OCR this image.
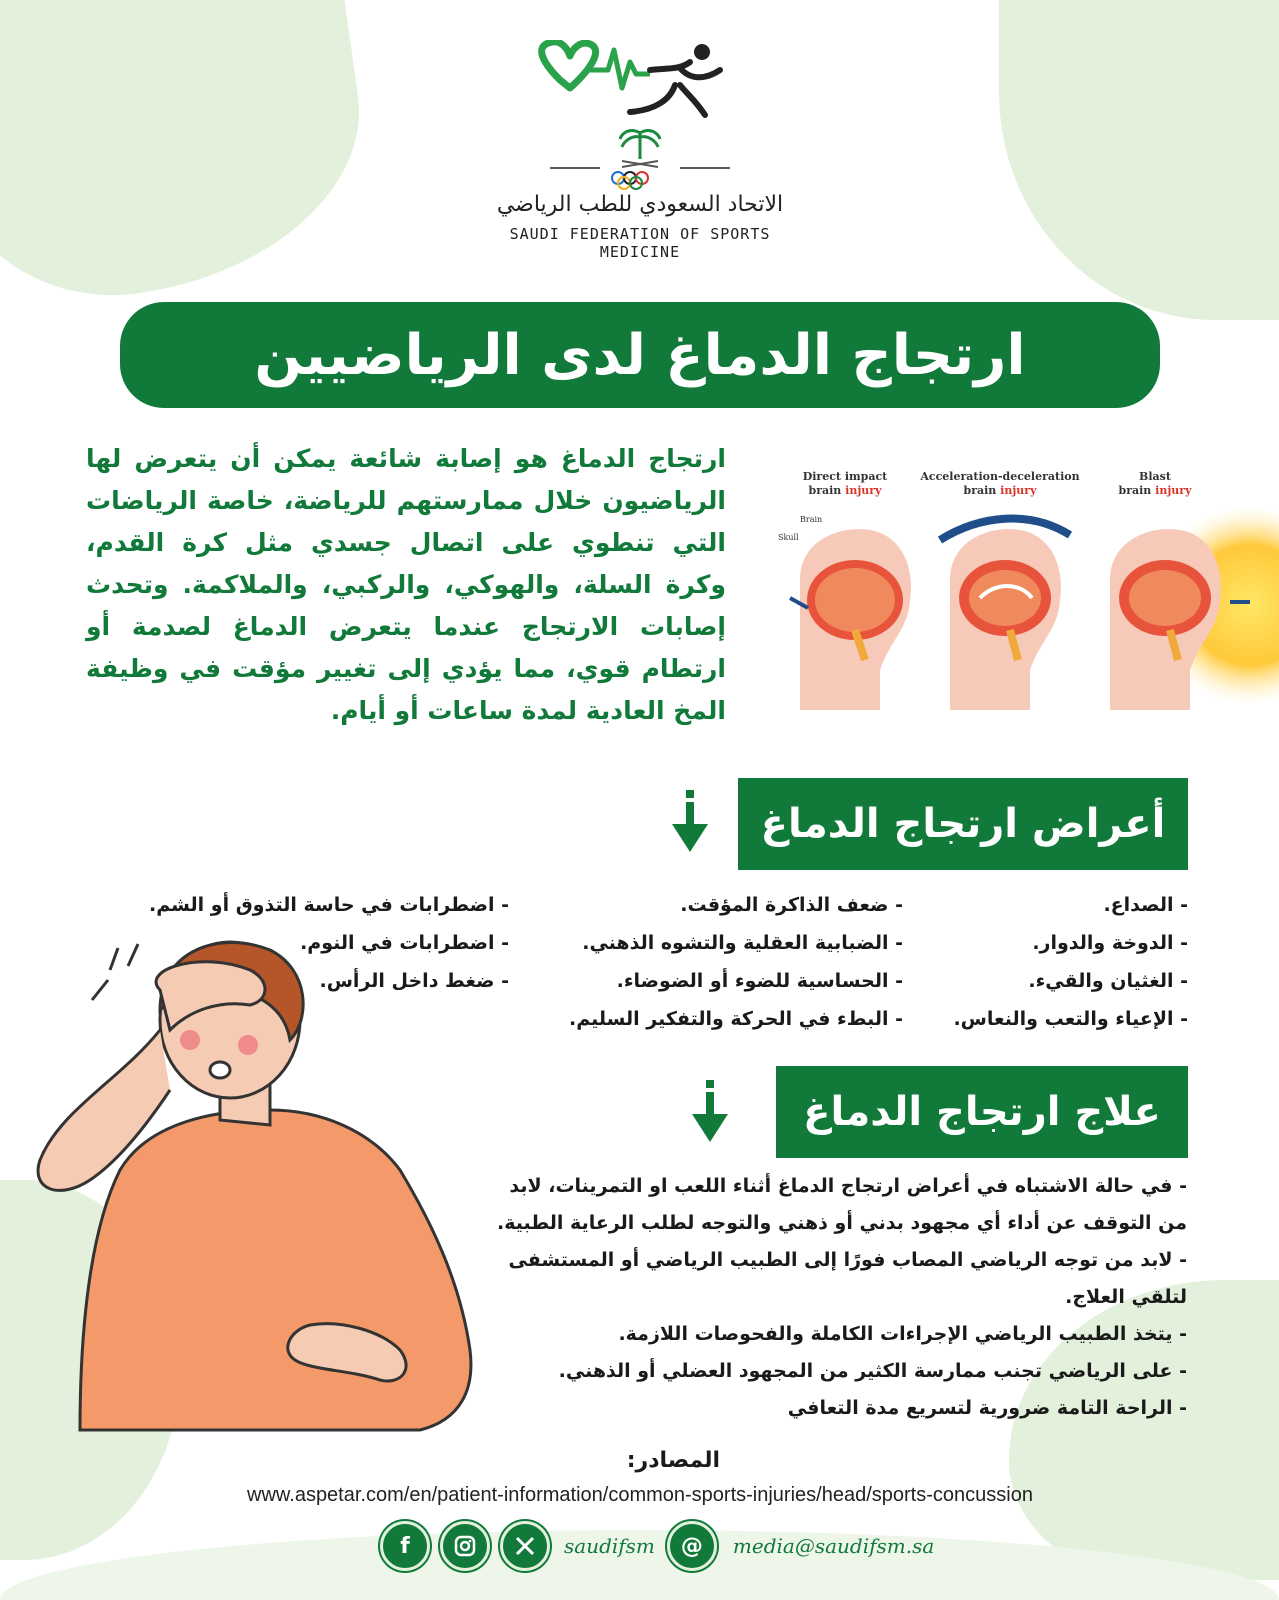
الاتحاد السعودي للطب الرياضي
SAUDI FEDERATION OF SPORTS MEDICINE
ارتجاج الدماغ لدى الرياضيين
ارتجاج الدماغ هو إصابة شائعة يمكن أن يتعرض لها الرياضيون خلال ممارستهم للرياضة، خاصة الرياضات التي تنطوي على اتصال جسدي مثل كرة القدم، وكرة السلة، والهوكي، والركبي، والملاكمة. وتحدث إصابات الارتجاج عندما يتعرض الدماغ لصدمة أو ارتطام قوي، مما يؤدي إلى تغيير مؤقت في وظيفة المخ العادية لمدة ساعات أو أيام.
Direct impact
brain injury
Acceleration-deceleration
brain injury
Blast
brain injury
Brain
Skull
أعراض ارتجاج الدماغ
- الصداع.
- الدوخة والدوار.
- الغثيان والقيء.
- الإعياء والتعب والنعاس.
- ضعف الذاكرة المؤقت.
- الضبابية العقلية والتشوه الذهني.
- الحساسية للضوء أو الضوضاء.
- البطء في الحركة والتفكير السليم.
- اضطرابات في حاسة التذوق أو الشم.
- اضطرابات في النوم.
- ضغط داخل الرأس.
علاج ارتجاج الدماغ
- في حالة الاشتباه في أعراض ارتجاج الدماغ أثناء اللعب او التمرينات، لابد من التوقف عن أداء أي مجهود بدني أو ذهني والتوجه لطلب الرعاية الطبية.
- لابد من توجه الرياضي المصاب فورًا إلى الطبيب الرياضي أو المستشفى لتلقي العلاج.
- يتخذ الطبيب الرياضي الإجراءات الكاملة والفحوصات اللازمة.
- على الرياضي تجنب ممارسة الكثير من المجهود العضلي أو الذهني.
- الراحة التامة ضرورية لتسريع مدة التعافي
المصادر:
www.aspetar.com/en/patient-information/common-sports-injuries/head/sports-concussion
f	saudifsm	@	media@saudifsm.sa
